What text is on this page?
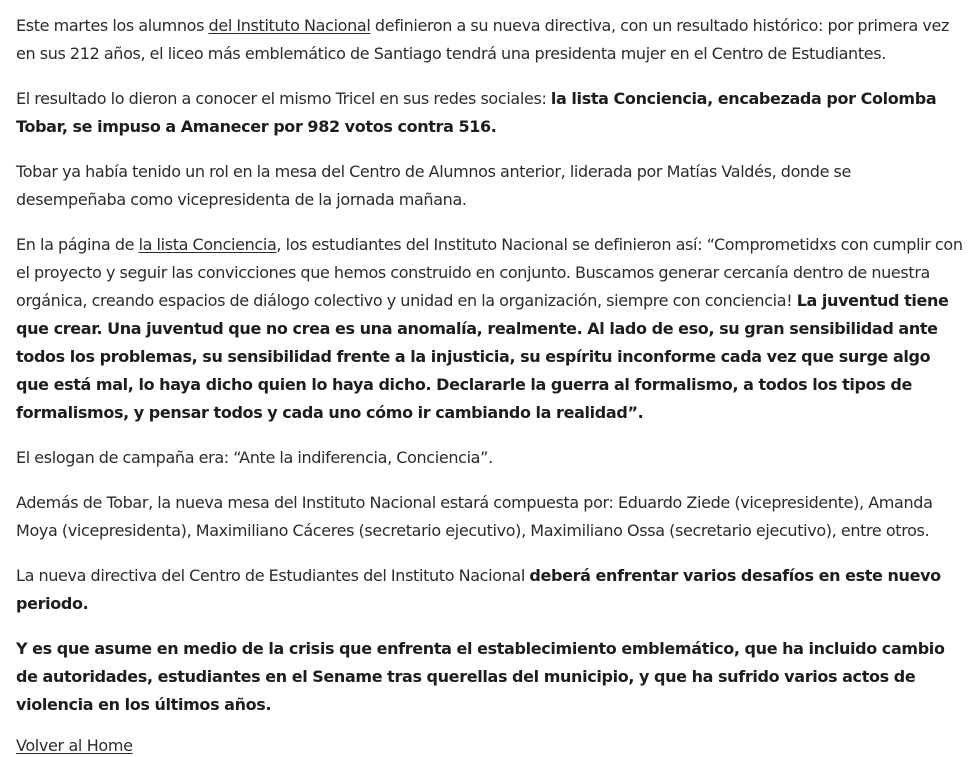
Este martes los alumnos del Instituto Nacional definieron a su nueva directiva, con un resultado histórico: por primera vez en sus 212 años, el liceo más emblemático de Santiago tendrá una presidenta mujer en el Centro de Estudiantes.

El resultado lo dieron a conocer el mismo Tricel en sus redes sociales: la lista Conciencia, encabezada por Colomba Tobar, se impuso a Amanecer por 982 votos contra 516.

Tobar ya había tenido un rol en la mesa del Centro de Alumnos anterior, liderada por Matías Valdés, donde se desempeñaba como vicepresidenta de la jornada mañana.

En la página de la lista Conciencia, los estudiantes del Instituto Nacional se definieron así: “Comprometidxs con cumplir con el proyecto y seguir las convicciones que hemos construido en conjunto. Buscamos generar cercanía dentro de nuestra orgánica, creando espacios de diálogo colectivo y unidad en la organización, siempre con conciencia! La juventud tiene que crear. Una juventud que no crea es una anomalía, realmente. Al lado de eso, su gran sensibilidad ante todos los problemas, su sensibilidad frente a la injusticia, su espíritu inconforme cada vez que surge algo que está mal, lo haya dicho quien lo haya dicho. Declararle la guerra al formalismo, a todos los tipos de formalismos, y pensar todos y cada uno cómo ir cambiando la realidad”.

El eslogan de campaña era: “Ante la indiferencia, Conciencia”.

Además de Tobar, la nueva mesa del Instituto Nacional estará compuesta por: Eduardo Ziede (vicepresidente), Amanda Moya (vicepresidenta), Maximiliano Cáceres (secretario ejecutivo), Maximiliano Ossa (secretario ejecutivo), entre otros.

La nueva directiva del Centro de Estudiantes del Instituto Nacional deberá enfrentar varios desafíos en este nuevo periodo.

Y es que asume en medio de la crisis que enfrenta el establecimiento emblemático, que ha incluido cambio de autoridades, estudiantes en el Sename tras querellas del municipio, y que ha sufrido varios actos de violencia en los últimos años.

Volver al Home
